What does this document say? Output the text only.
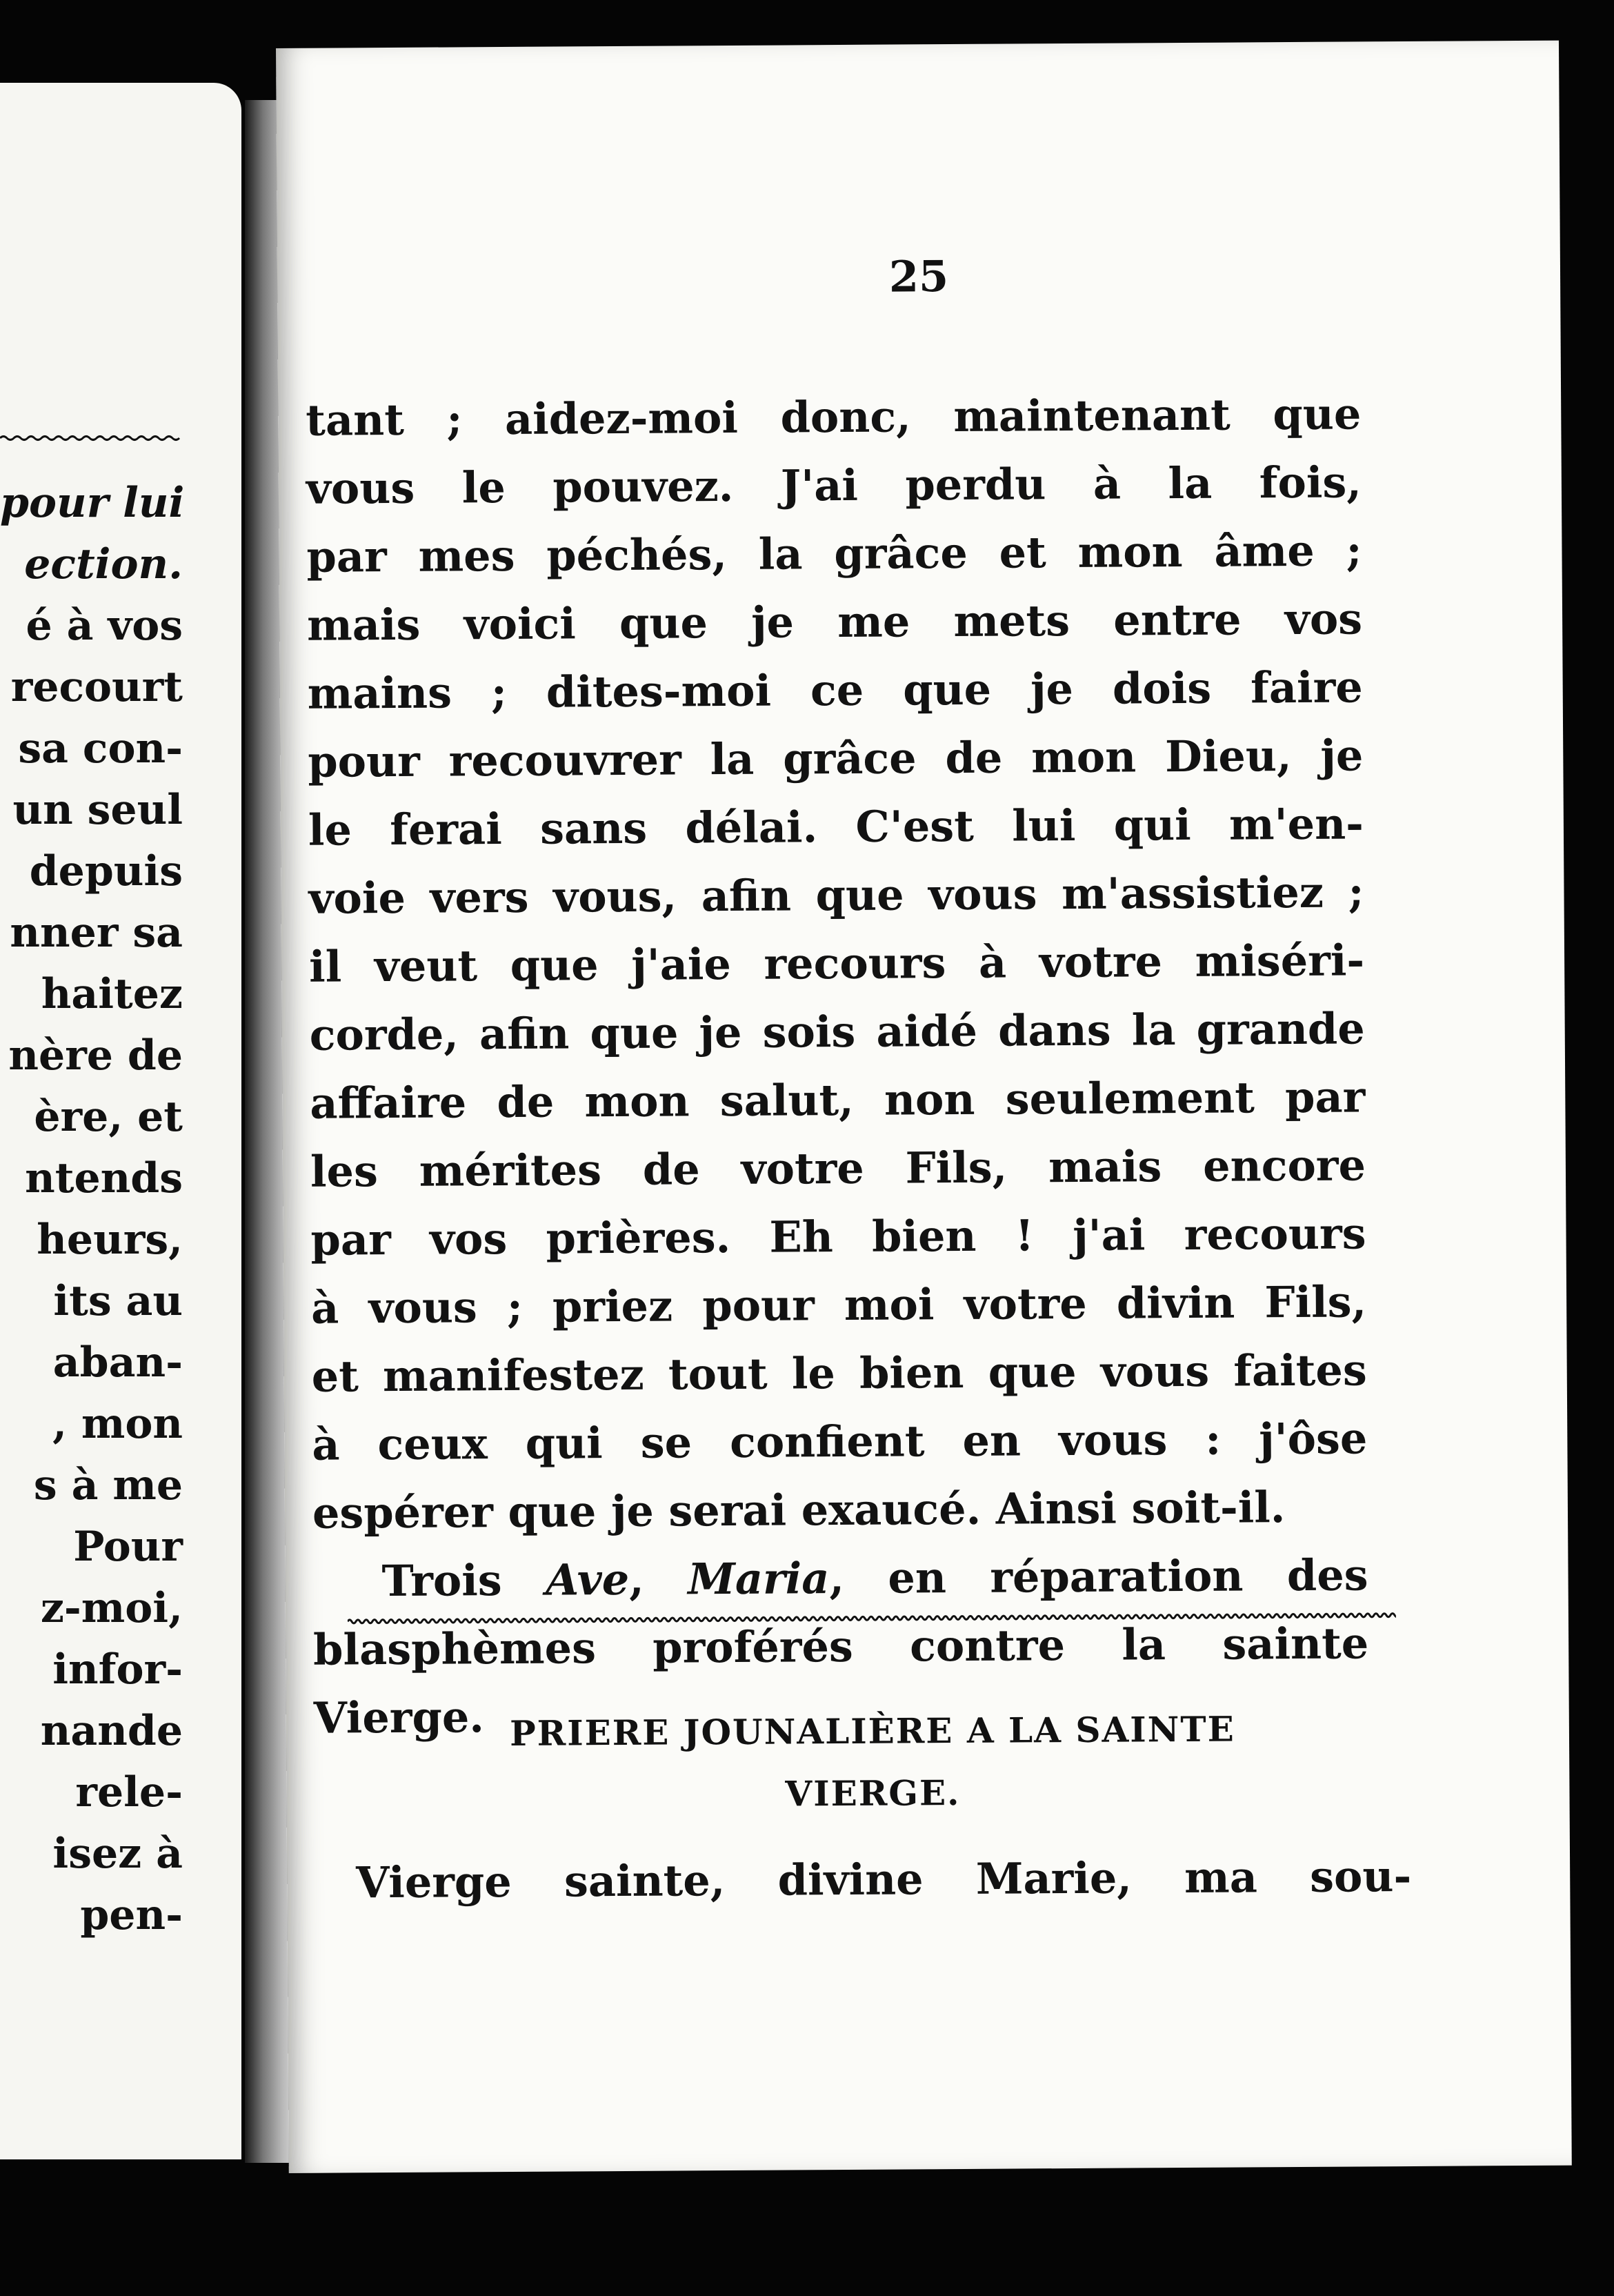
pour lui
ection.
é à vos
recourt
sa con-
un seul
depuis
nner sa
haitez
nère de
ère, et
ntends
heurs,
its au
aban-
, mon
s à me
Pour
z-moi,
infor-
nande
rele-
isez à
pen-
25
tant ; aidez-moi donc, maintenant que
vous le pouvez. J'ai perdu à la fois,
par mes péchés, la grâce et mon âme ;
mais voici que je me mets entre vos
mains ; dites-moi ce que je dois faire
pour recouvrer la grâce de mon Dieu, je
le ferai sans délai. C'est lui qui m'en-
voie vers vous, afin que vous m'assistiez ;
il veut que j'aie recours à votre miséri-
corde, afin que je sois aidé dans la grande
affaire de mon salut, non seulement par
les mérites de votre Fils, mais encore
par vos prières. Eh bien ! j'ai recours
à vous ; priez pour moi votre divin Fils,
et manifestez tout le bien que vous faites
à ceux qui se confient en vous : j'ôse
espérer que je serai exaucé. Ainsi soit-il.
Trois Ave, Maria, en réparation des
blasphèmes proférés contre la sainte
Vierge. PRIERE JOUNALIÈRE A LA SAINTE
VIERGE.
Vierge sainte, divine Marie, ma sou-
